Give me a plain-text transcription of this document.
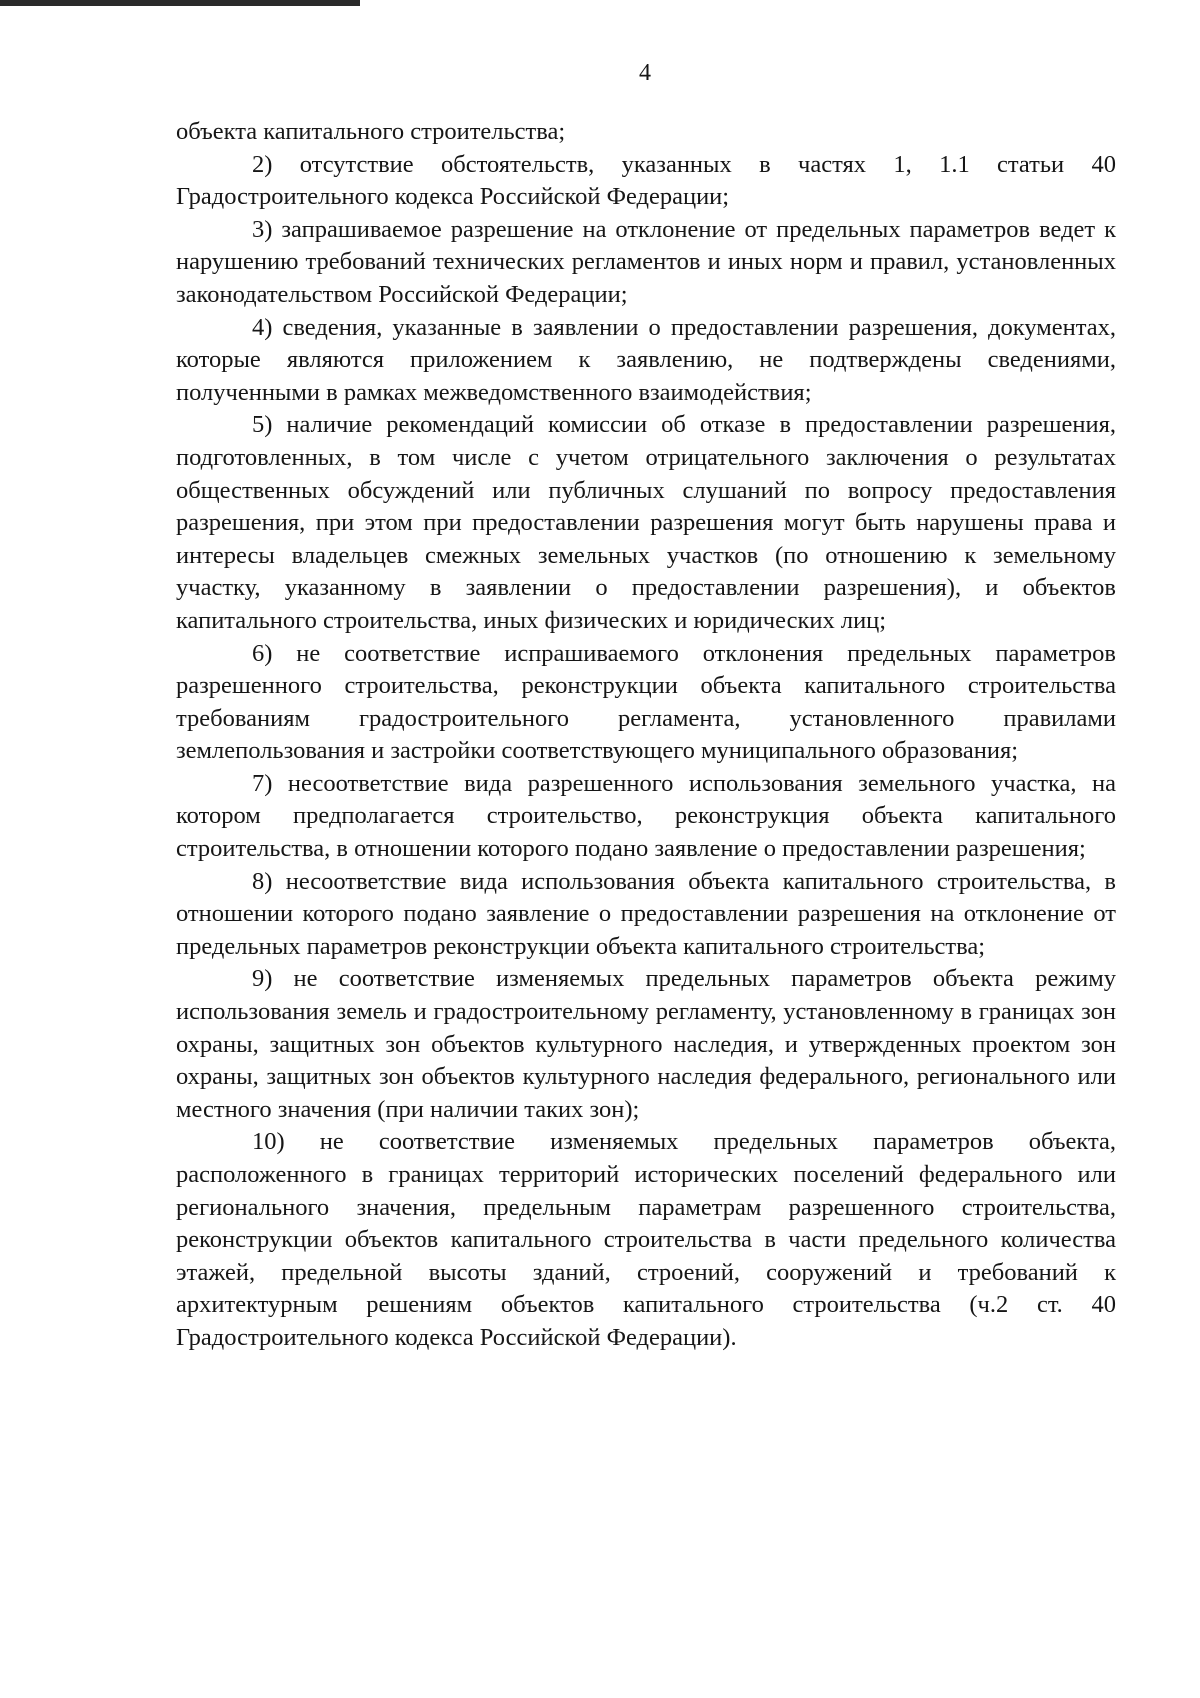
4

объекта капитального строительства;

2) отсутствие обстоятельств, указанных в частях 1, 1.1 статьи 40 Градостроительного кодекса Российской Федерации;

3) запрашиваемое разрешение на отклонение от предельных параметров ведет к нарушению требований технических регламентов и иных норм и правил, установленных законодательством Российской Федерации;

4) сведения, указанные в заявлении о предоставлении разрешения, документах, которые являются приложением к заявлению, не подтверждены сведениями, полученными в рамках межведомственного взаимодействия;

5) наличие рекомендаций комиссии об отказе в предоставлении разрешения, подготовленных, в том числе с учетом отрицательного заключения о результатах общественных обсуждений или публичных слушаний по вопросу предоставления разрешения, при этом при предоставлении разрешения могут быть нарушены права и интересы владельцев смежных земельных участков (по отношению к земельному участку, указанному в заявлении о предоставлении разрешения), и объектов капитального строительства, иных физических и юридических лиц;

6) не соответствие испрашиваемого отклонения предельных параметров разрешенного строительства, реконструкции объекта капитального строительства требованиям градостроительного регламента, установленного правилами землепользования и застройки соответствующего муниципального образования;

7) несоответствие вида разрешенного использования земельного участка, на котором предполагается строительство, реконструкция объекта капитального строительства, в отношении которого подано заявление о предоставлении разрешения;

8) несоответствие вида использования объекта капитального строительства, в отношении которого подано заявление о предоставлении разрешения на отклонение от предельных параметров реконструкции объекта капитального строительства;

9) не соответствие изменяемых предельных параметров объекта режиму использования земель и градостроительному регламенту, установленному в границах зон охраны, защитных зон объектов культурного наследия, и утвержденных проектом зон охраны, защитных зон объектов культурного наследия федерального, регионального или местного значения (при наличии таких зон);

10) не соответствие изменяемых предельных параметров объекта, расположенного в границах территорий исторических поселений федерального или регионального значения, предельным параметрам разрешенного строительства, реконструкции объектов капитального строительства в части предельного количества этажей, предельной высоты зданий, строений, сооружений и требований к архитектурным решениям объектов капитального строительства (ч.2 ст. 40 Градостроительного кодекса Российской Федерации).
